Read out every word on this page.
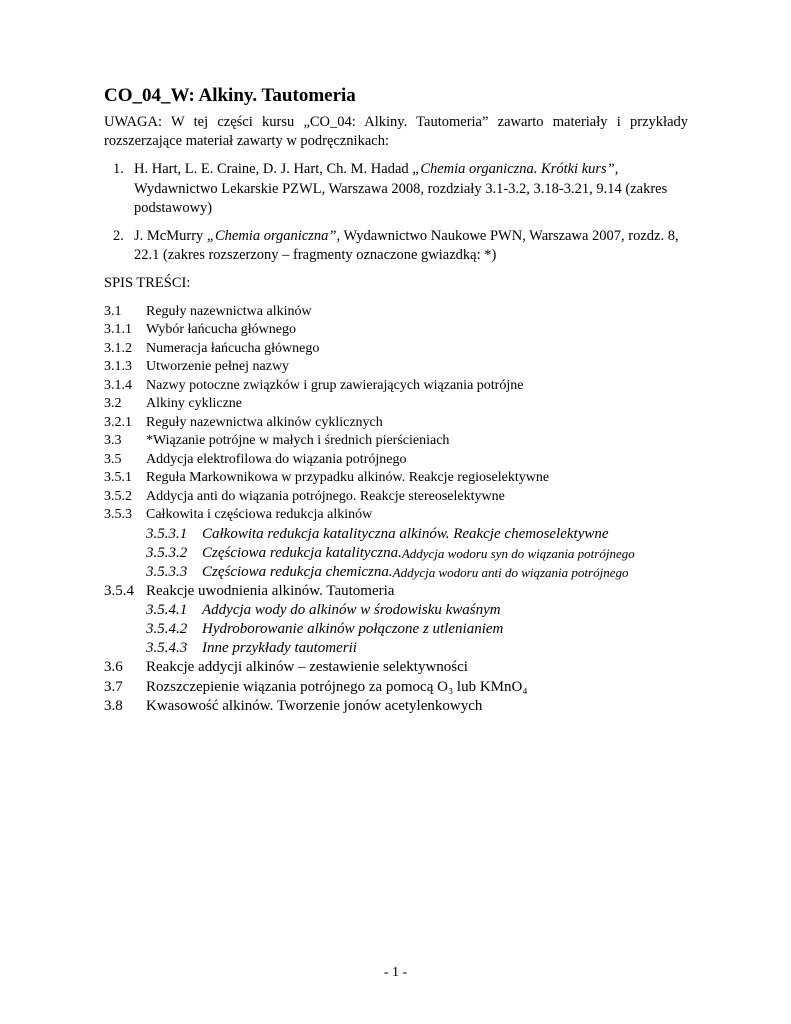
CO_04_W: Alkiny. Tautomeria
UWAGA: W tej części kursu „CO_04: Alkiny. Tautomeria” zawarto materiały i przykłady rozszerzające materiał zawarty w podręcznikach:
1. H. Hart, L. E. Craine, D. J. Hart, Ch. M. Hadad „Chemia organiczna. Krótki kurs”, Wydawnictwo Lekarskie PZWL, Warszawa 2008, rozdziały 3.1-3.2, 3.18-3.21, 9.14 (zakres podstawowy)
2. J. McMurry „Chemia organiczna”, Wydawnictwo Naukowe PWN, Warszawa 2007, rozdz. 8, 22.1 (zakres rozszerzony – fragmenty oznaczone gwiazdką: *)
SPIS TREŚCI:
3.1	Reguły nazewnictwa alkinów
3.1.1	Wybór łańcucha głównego
3.1.2	Numeracja łańcucha głównego
3.1.3	Utworzenie pełnej nazwy
3.1.4	Nazwy potoczne związków i grup zawierających wiązania potrójne
3.2	Alkiny cykliczne
3.2.1	Reguły nazewnictwa alkinów cyklicznych
3.3	*Wiązanie potrójne w małych i średnich pierścieniach
3.5	Addycja elektrofilowa do wiązania potrójnego
3.5.1	Reguła Markownikowa w przypadku alkinów. Reakcje regioselektywne
3.5.2	Addycja anti do wiązania potrójnego. Reakcje stereoselektywne
3.5.3	Całkowita i częściowa redukcja alkinów
3.5.3.1 Całkowita redukcja katalityczna alkinów. Reakcje chemoselektywne
3.5.3.2 Częściowa redukcja katalityczna. Addycja wodoru syn do wiązania potrójnego
3.5.3.3 Częściowa redukcja chemiczna. Addycja wodoru anti do wiązania potrójnego
3.5.4 Reakcje uwodnienia alkinów. Tautomeria
3.5.4.1 Addycja wody do alkinów w środowisku kwaśnym
3.5.4.2 Hydroborowanie alkinów połączone z utlenianiem
3.5.4.3 Inne przykłady tautomerii
3.6	Reakcje addycji alkinów – zestawienie selektywności
3.7	Rozszczepienie wiązania potrójnego za pomocą O₃ lub KMnO₄
3.8	Kwasowość alkinów. Tworzenie jonów acetylenkowych
- 1 -
